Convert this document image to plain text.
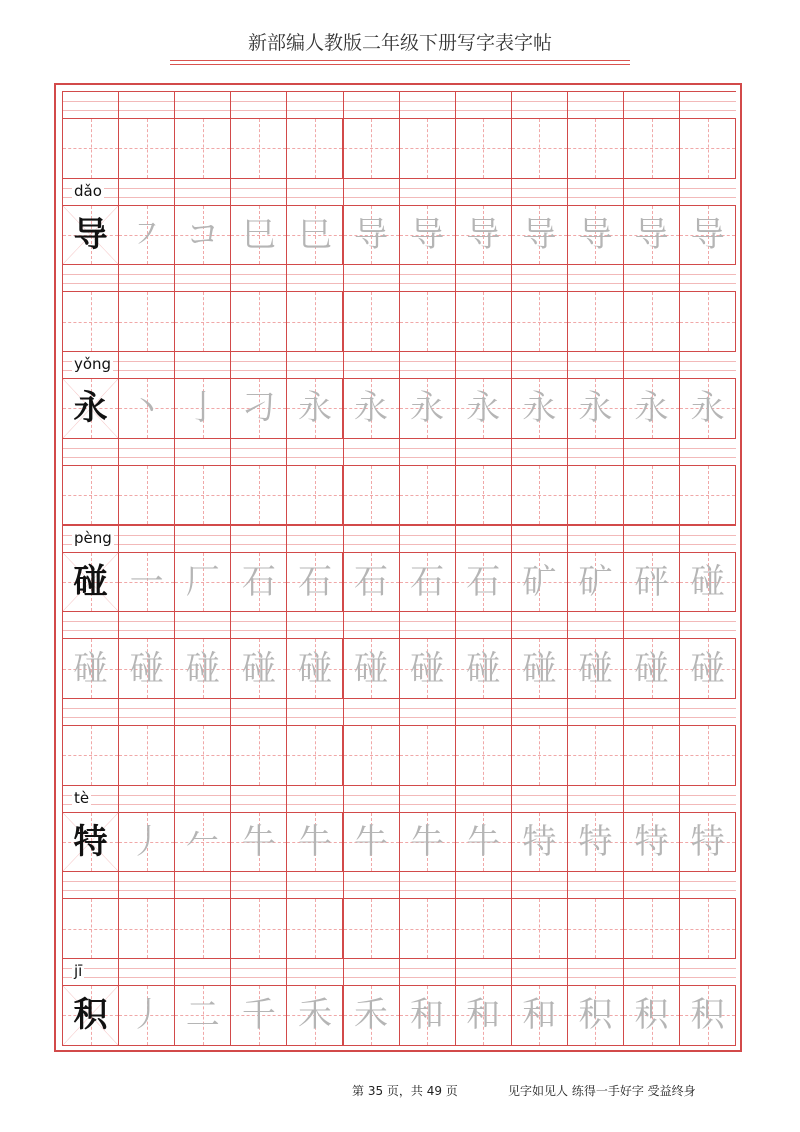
新部编人教版二年级下册写字表字帖
dǎo
导 ㇇ コ 巳 巳 导 导 导 导 导 导 导
yǒng
永 丶 亅 刁 永 永 永 永 永 永 永 永
pèng
碰 一 厂 石 石 石 石 石 矿 矿 砰 碰
碰 碰 碰 碰 碰 碰 碰 碰 碰 碰 碰 碰
tè
特 丿 𠂉 牛 牛 牛 牛 牛 特 特 特 特
jī
积 丿 二 千 禾 禾 和 和 和 积 积 积
第 35 页，共 49 页	见字如见人 练得一手好字 受益终身
